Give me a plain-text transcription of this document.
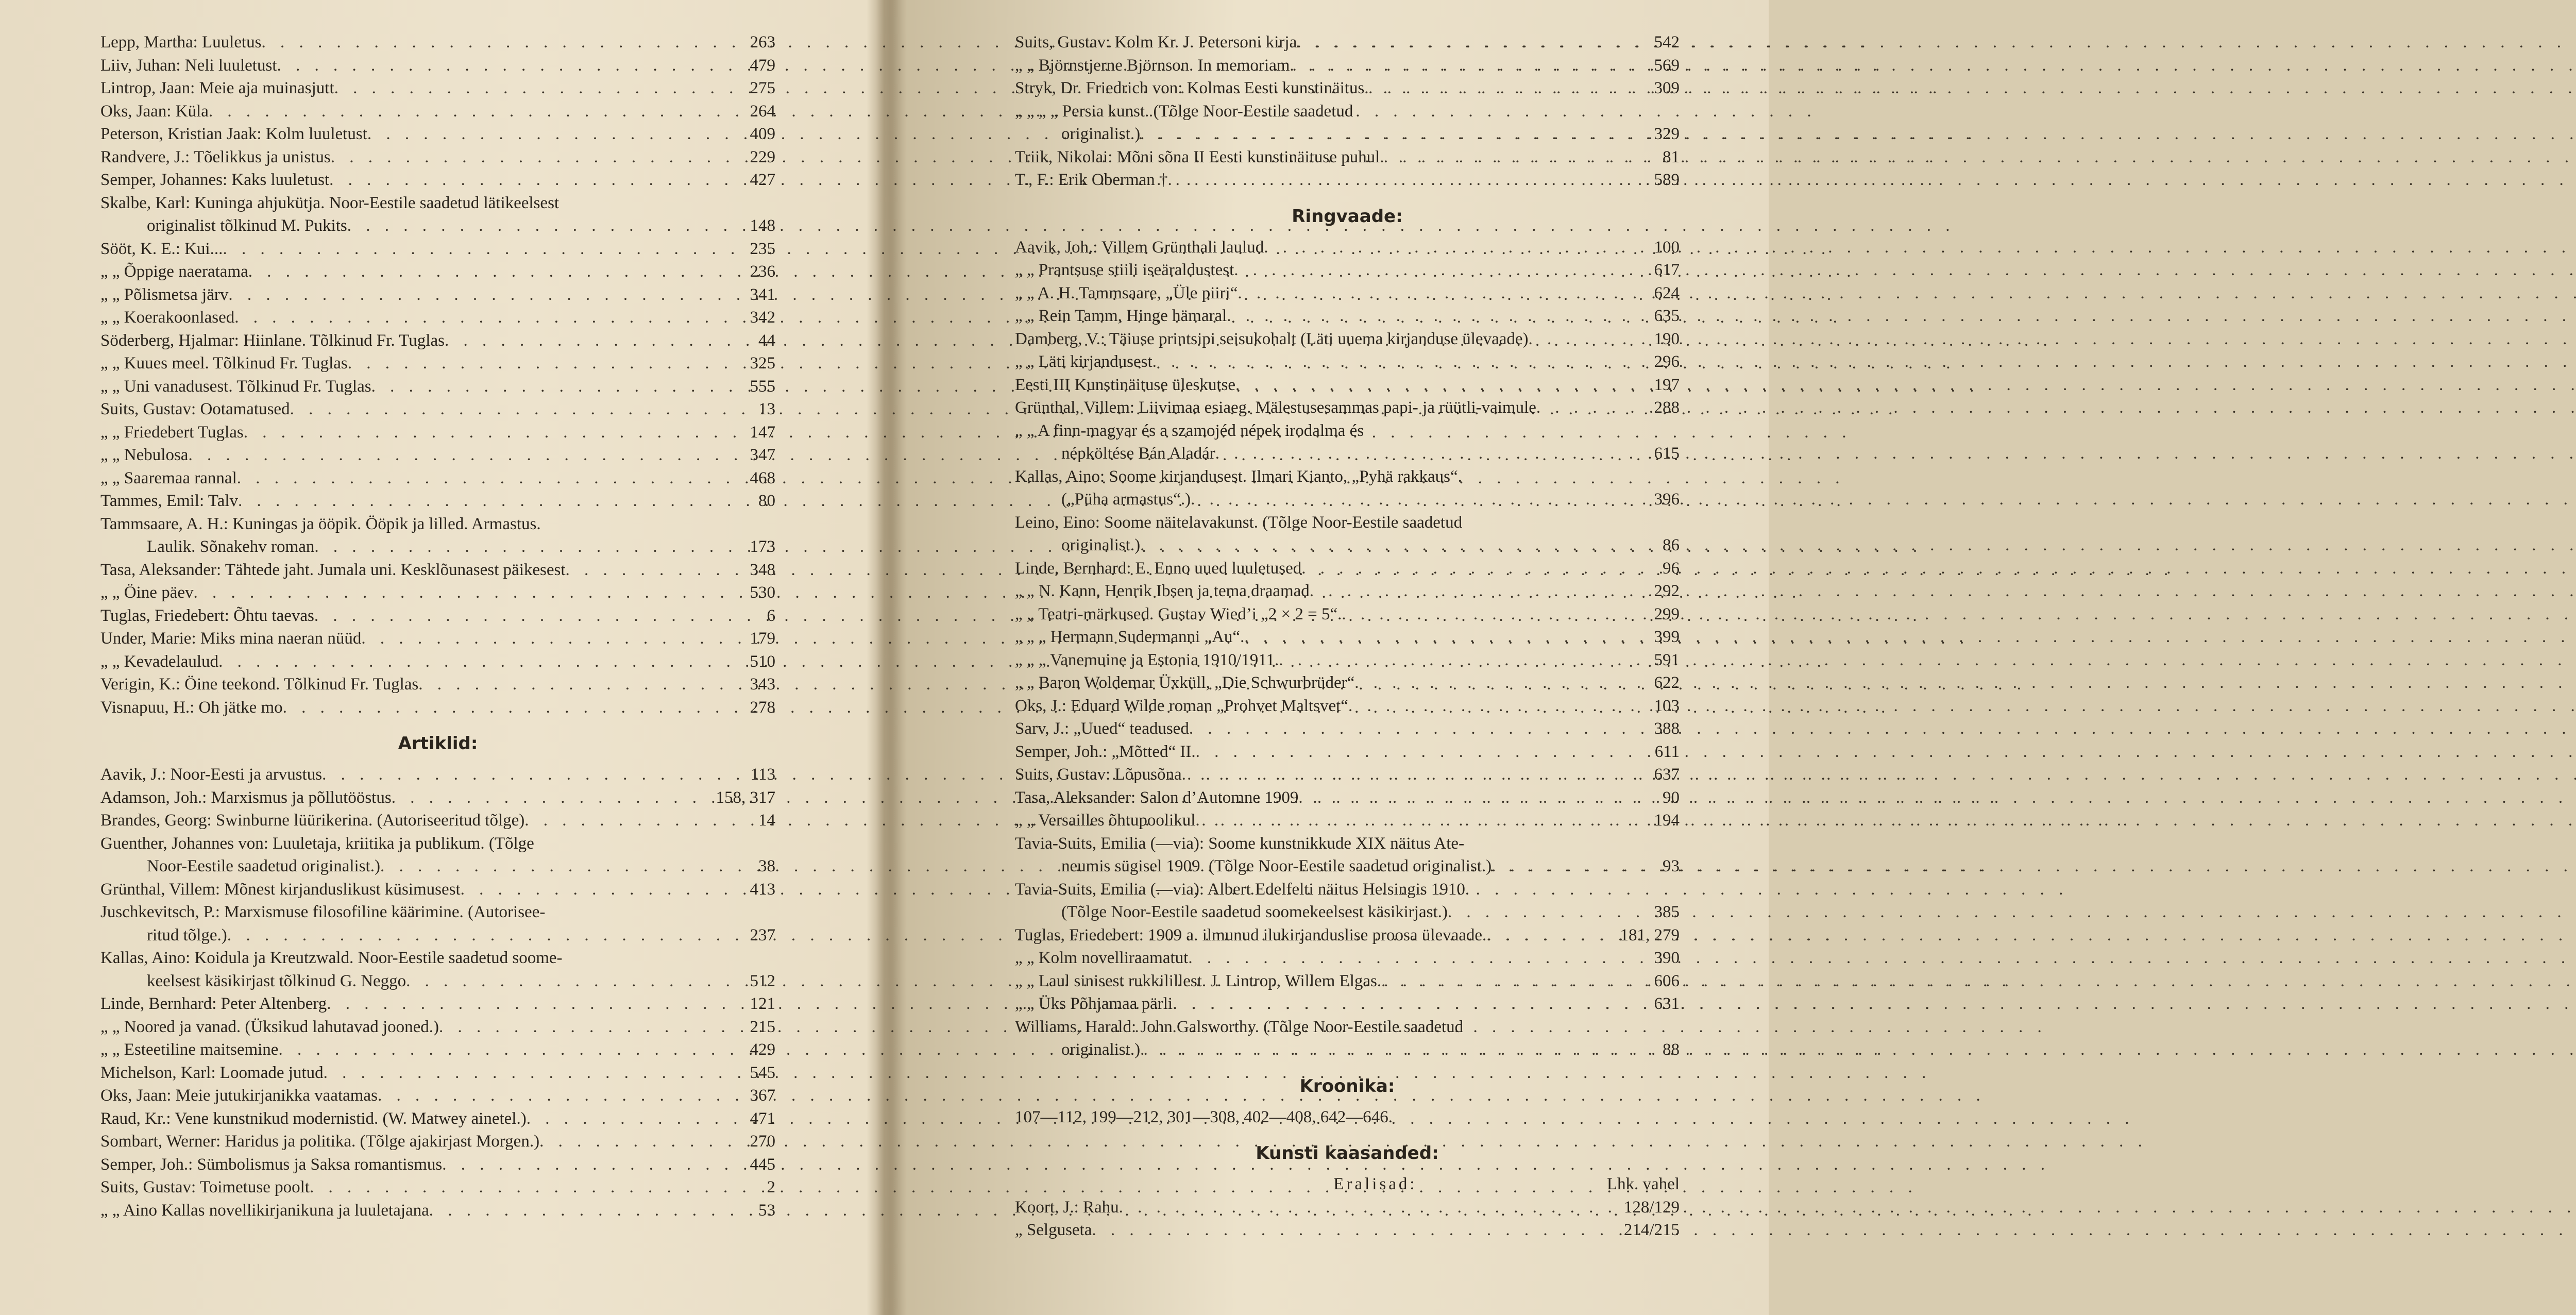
Lepp, Martha: Luuletus . . .	263
Liiv, Juhan: Neli luuletust . . .	479
Lintrop, Jaan: Meie aja muinasjutt . . .	275
Oks, Jaan: Küla . . .	264
Peterson, Kristian Jaak: Kolm luuletust . . .	409
Randvere, J.: Tõelikkus ja unistus . . .	229
Semper, Johannes: Kaks luuletust . . .	427
Skalbe, Karl: Kuninga ahjukütja. Noor-Eestile saadetud lätikeelsest
originalist tõlkinud M. Pukits . . .	148
Sööt, K. E.: Kui... . . .	235
„ „ Õppige naeratama . . .	236
„ „ Põlismetsa järv . . .	341
„ „ Koerakoonlased . . .	342
Söderberg, Hjalmar: Hiinlane. Tõlkinud Fr. Tuglas . . .	44
„ „ Kuues meel. Tõlkinud Fr. Tuglas . . .	325
„ „ Uni vanadusest. Tõlkinud Fr. Tuglas . . .	555
Suits, Gustav: Ootamatused . . .	13
„ „ Friedebert Tuglas . . .	147
„ „ Nebulosa . . .	347
„ „ Saaremaa rannal . . .	468
Tammes, Emil: Talv . . .	80
Tammsaare, A. H.: Kuningas ja ööpik. Ööpik ja lilled. Armastus.
Laulik. Sõnakehv roman . . .	173
Tasa, Aleksander: Tähtede jaht. Jumala uni. Kesklõunasest päikesest . . .	348
„ „ Öine päev . . .	530
Tuglas, Friedebert: Õhtu taevas . . .	6
Under, Marie: Miks mina naeran nüüd . . .	179
„ „ Kevadelaulud . . .	510
Verigin, K.: Öine teekond. Tõlkinud Fr. Tuglas . . .	343
Visnapuu, H.: Oh jätke mo . . .	278
Artiklid:
Aavik, J.: Noor-Eesti ja arvustus . . .	113
Adamson, Joh.: Marxismus ja põllutööstus . . .	158, 317
Brandes, Georg: Swinburne lüürikerina. (Autoriseeritud tõlge) . . .	14
Guenther, Johannes von: Luuletaja, kriitika ja publikum. (Tõlge
Noor-Eestile saadetud originalist.) . . .	38
Grünthal, Villem: Mõnest kirjanduslikust küsimusest . . .	413
Juschkevitsch, P.: Marxismuse filosofiline käärimine. (Autorisee-
ritud tõlge.) . . .	237
Kallas, Aino: Koidula ja Kreutzwald. Noor-Eestile saadetud soome-
keelsest käsikirjast tõlkinud G. Neggo . . .	512
Linde, Bernhard: Peter Altenberg . . .	121
„ „ Noored ja vanad. (Üksikud lahutavad jooned.) . . .	215
„ „ Esteetiline maitsemine . . .	429
Michelson, Karl: Loomade jutud . . .	545
Oks, Jaan: Meie jutukirjanikka vaatamas . . .	367
Raud, Kr.: Vene kunstnikud modernistid. (W. Matwey ainetel.) . . .	471
Sombart, Werner: Haridus ja politika. (Tõlge ajakirjast Morgen.) . . .	270
Semper, Joh.: Sümbolismus ja Saksa romantismus . . .	445
Suits, Gustav: Toimetuse poolt . . .	2
„ „ Aino Kallas novellikirjanikuna ja luuletajana . . .	53
Suits, Gustav: Kolm Kr. J. Petersoni kirja . . .	542
„ „ Björnstjerne Björnson. In memoriam . . .	569
Stryk, Dr. Friedrich von: Kolmas Eesti kunstinäitus . . .	309
„ „ „ „ Persia kunst. (Tõlge Noor-Eestile saadetud
originalist.) . . .	329
Triik, Nikolai: Mõni sõna II Eesti kunstinäituse puhul . . .	81
T., F.: Erik Oberman † . . .	589
Ringvaade:
Aavik, Joh.: Villem Grünthali laulud . . .	100
„ „ Prantsuse stiili iseäraldustest . . .	617
„ „ A. H. Tammsaare, „Üle piiri“ . . .	624
„ „ Rein Tamm, Hinge hämaral . . .	635
Damberg, V.: Täiuse printsipi seisukohalt (Läti uuema kirjanduse ülevaade) . . .	190
„ „ Läti kirjandusest . . .	296
Eesti III Kunstinäituse üleskutse . . .	197
Grünthal, Villem: Liivimaa esiaeg. Mälestusesammas papi- ja rüütli-vaimule . . .	288
„ „ A finn-magyar és a szamojéd népek irodalma és
népköltése Bán Aladár . . .	615
Kallas, Aino: Soome kirjandusest. Ilmari Kianto, „Pyhä rakkaus“.
(„Püha armastus“.) . . .	396
Leino, Eino: Soome näitelavakunst. (Tõlge Noor-Eestile saadetud
originalist.) . . .	86
Linde, Bernhard: E. Enno uued luuletused . . .	96
„ „ N. Kann, Henrik Ibsen ja tema draamad . . .	292
„ „ Teatri-märkused. Gustav Wied’i „2 × 2 = 5“. . . .	299
„ „ „ Hermann Sudermanni „Au“. . . .	399
„ „ „ Vanemuine ja Estonia 1910/1911. . . .	591
„ „ Baron Woldemar Üxküll, „Die Schwurbrüder“ . . .	622
Oks, J.: Eduard Wilde roman „Prohvet Maltsvet“ . . .	103
Sarv, J.: „Uued“ teadused . . .	388
Semper, Joh.: „Mõtted“ II. . . .	611
Suits, Gustav: Lõpusõna . . .	637
Tasa, Aleksander: Salon d’Automne 1909 . . .	90
„ „ Versailles õhtupoolikul . . .	194
Tavia-Suits, Emilia (—via): Soome kunstnikkude XIX näitus Ate-
neumis sügisel 1909. (Tõlge Noor-Eestile saadetud originalist.) . . .	93
Tavia-Suits, Emilia (—via): Albert Edelfelti näitus Helsingis 1910.
(Tõlge Noor-Eestile saadetud soomekeelsest käsikirjast.) . . .	385
Tuglas, Friedebert: 1909 a. ilmunud ilukirjanduslise proosa ülevaade. . . .	181, 279
„ „ Kolm novelliraamatut . . .	390
„ „ Laul sinisest rukkilillest. J. Lintrop, Willem Elgas. . . .	606
„ „ Üks Põhjamaa pärli . . .	631
Williams, Harald: John Galsworthy. (Tõlge Noor-Eestile saadetud
originalist.) . . .	88
Kroonika:
107—112, 199—212, 301—308, 402—408, 642—646.
Kunsti kaasanded:
Eralisad:	Lhk. vahel
Koort, J.: Rahu . . .	128/129
„ Selguseta . . .	214/215
